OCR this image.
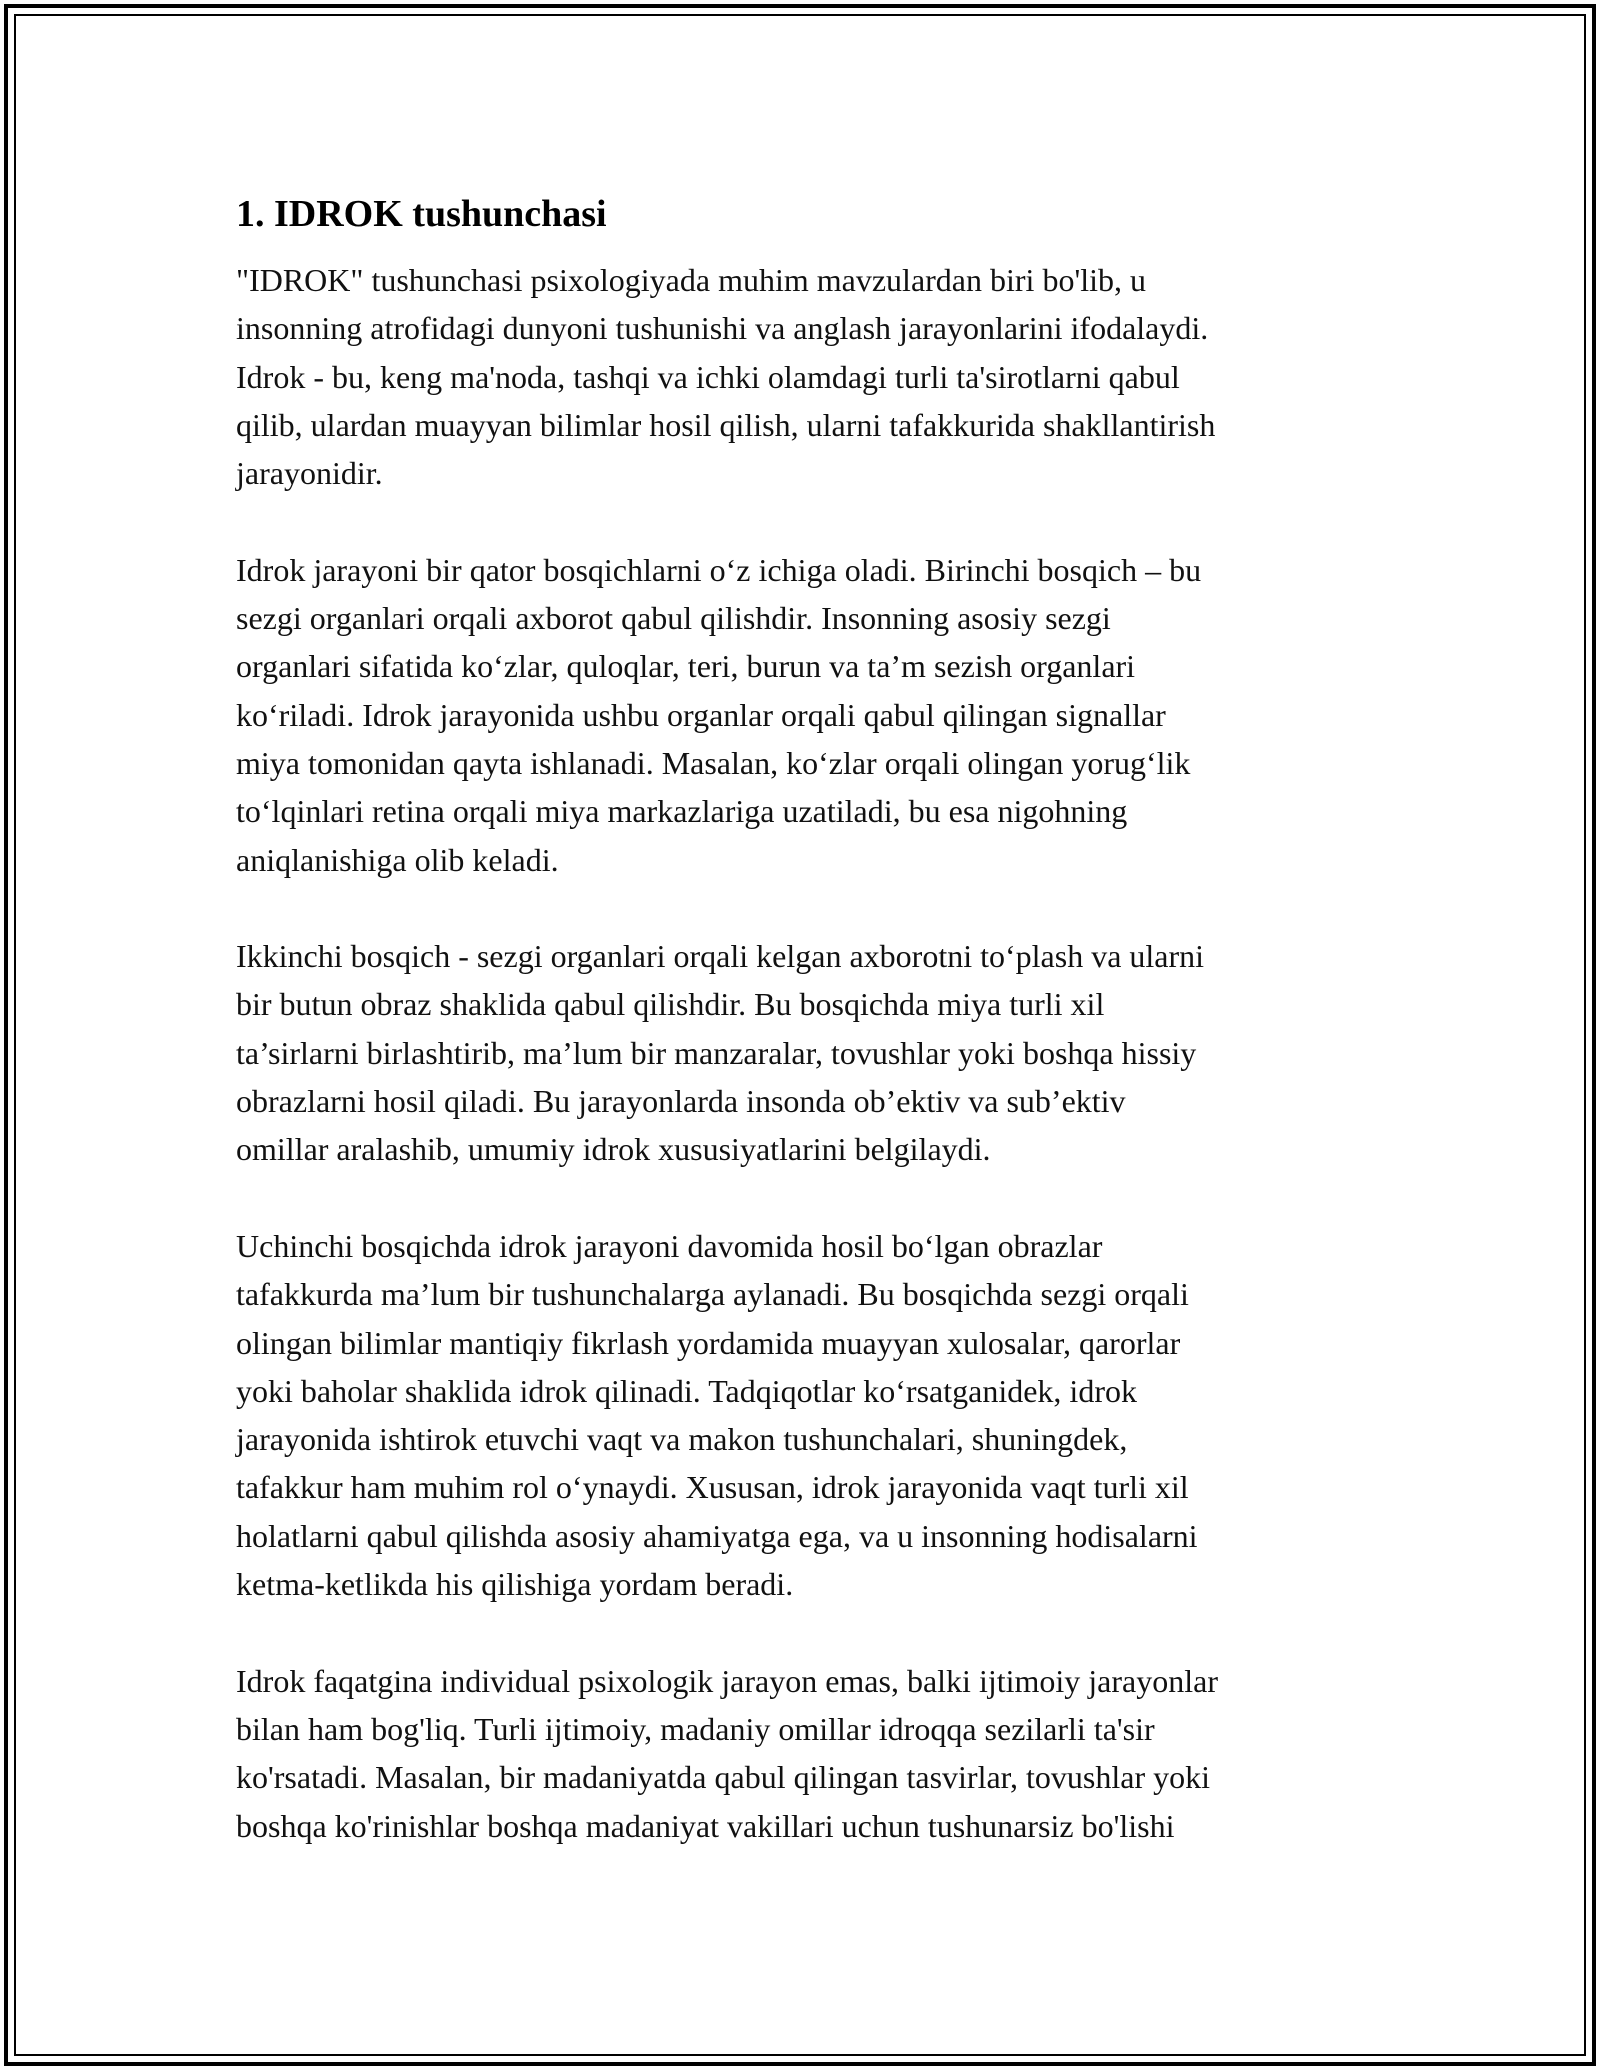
1. IDROK tushunchasi

"IDROK" tushunchasi psixologiyada muhim mavzulardan biri bo'lib, u
insonning atrofidagi dunyoni tushunishi va anglash jarayonlarini ifodalaydi.
Idrok - bu, keng ma'noda, tashqi va ichki olamdagi turli ta'sirotlarni qabul
qilib, ulardan muayyan bilimlar hosil qilish, ularni tafakkurida shakllantirish
jarayonidir.

Idrok jarayoni bir qator bosqichlarni o‘z ichiga oladi. Birinchi bosqich – bu
sezgi organlari orqali axborot qabul qilishdir. Insonning asosiy sezgi
organlari sifatida ko‘zlar, quloqlar, teri, burun va ta’m sezish organlari
ko‘riladi. Idrok jarayonida ushbu organlar orqali qabul qilingan signallar
miya tomonidan qayta ishlanadi. Masalan, ko‘zlar orqali olingan yorug‘lik
to‘lqinlari retina orqali miya markazlariga uzatiladi, bu esa nigohning
aniqlanishiga olib keladi.

Ikkinchi bosqich - sezgi organlari orqali kelgan axborotni to‘plash va ularni
bir butun obraz shaklida qabul qilishdir. Bu bosqichda miya turli xil
ta’sirlarni birlashtirib, ma’lum bir manzaralar, tovushlar yoki boshqa hissiy
obrazlarni hosil qiladi. Bu jarayonlarda insonda ob’ektiv va sub’ektiv
omillar aralashib, umumiy idrok xususiyatlarini belgilaydi.

Uchinchi bosqichda idrok jarayoni davomida hosil bo‘lgan obrazlar
tafakkurda ma’lum bir tushunchalarga aylanadi. Bu bosqichda sezgi orqali
olingan bilimlar mantiqiy fikrlash yordamida muayyan xulosalar, qarorlar
yoki baholar shaklida idrok qilinadi. Tadqiqotlar ko‘rsatganidek, idrok
jarayonida ishtirok etuvchi vaqt va makon tushunchalari, shuningdek,
tafakkur ham muhim rol o‘ynaydi. Xususan, idrok jarayonida vaqt turli xil
holatlarni qabul qilishda asosiy ahamiyatga ega, va u insonning hodisalarni
ketma-ketlikda his qilishiga yordam beradi.

Idrok faqatgina individual psixologik jarayon emas, balki ijtimoiy jarayonlar
bilan ham bog'liq. Turli ijtimoiy, madaniy omillar idroqqa sezilarli ta'sir
ko'rsatadi. Masalan, bir madaniyatda qabul qilingan tasvirlar, tovushlar yoki
boshqa ko'rinishlar boshqa madaniyat vakillari uchun tushunarsiz bo'lishi
